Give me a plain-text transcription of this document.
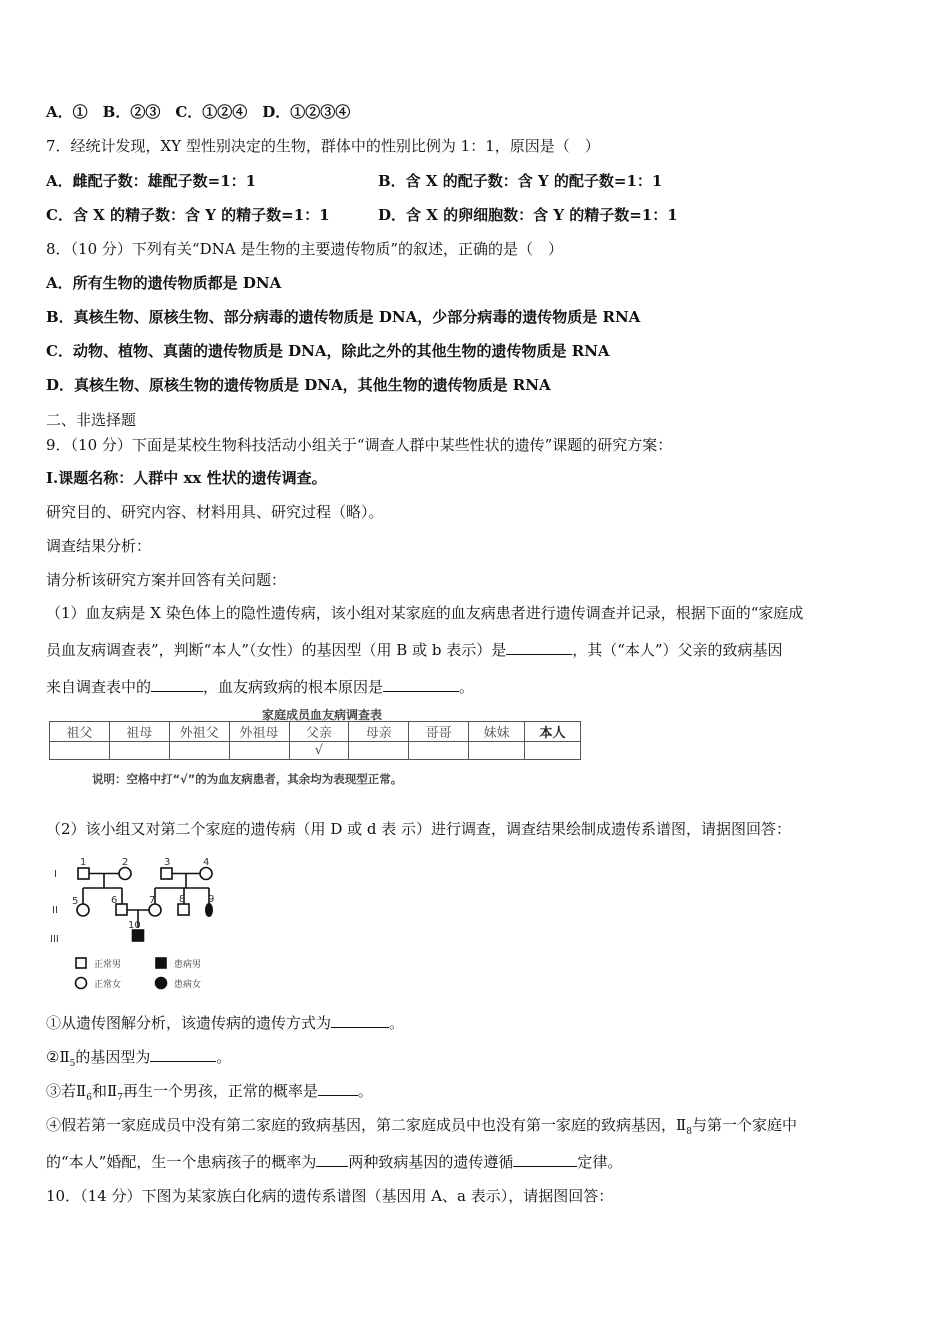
A．①　B．②③　C．①②④　D．①②③④
7．经统计发现，XY 型性别决定的生物，群体中的性别比例为 1：1，原因是（　）
A．雌配子数：雄配子数=1：1	B．含 X 的配子数：含 Y 的配子数=1：1
C．含 X 的精子数：含 Y 的精子数=1：1	D．含 X 的卵细胞数：含 Y 的精子数=1：1
8．（10 分）下列有关“DNA 是生物的主要遗传物质”的叙述，正确的是（　）
A．所有生物的遗传物质都是 DNA
B．真核生物、原核生物、部分病毒的遗传物质是 DNA，少部分病毒的遗传物质是 RNA
C．动物、植物、真菌的遗传物质是 DNA，除此之外的其他生物的遗传物质是 RNA
D．真核生物、原核生物的遗传物质是 DNA，其他生物的遗传物质是 RNA
二、非选择题
9．（10 分）下面是某校生物科技活动小组关于“调查人群中某些性状的遗传”课题的研究方案：
I.课题名称：人群中 xx 性状的遗传调查。
研究目的、研究内容、材料用具、研究过程（略）。
调查结果分析：
请分析该研究方案并回答有关问题：
（1）血友病是 X 染色体上的隐性遗传病，该小组对某家庭的血友病患者进行遗传调查并记录，根据下面的“家庭成
员血友病调查表”，判断“本人”（女性）的基因型（用 B 或 b 表示）是	，其（“本人”）父亲的致病基因
来自调查表中的	，血友病致病的根本原因是	。
家庭成员血友病调查表
祖父	祖母	外祖父	外祖母	父亲	母亲	哥哥	妹妹	本人
				√				
说明：空格中打“√”的为血友病患者，其余均为表现型正常。
（2）该小组又对第二个家庭的遗传病（用 D 或 d 表 示）进行调查，调查结果绘制成遗传系谱图，请据图回答：
I
II
III
1	2	3	4
5	6	7 8 9
10
正常男	患病男
正常女	患病女
①从遗传图解分析，该遗传病的遗传方式为	。
$②Ⅱ_5$的基因型为	。
③若$Ⅱ_6$和$Ⅱ_7$再生一个男孩，正常的概率是	。
④假若第一家庭成员中没有第二家庭的致病基因，第二家庭成员中也没有第一家庭的致病基因，$Ⅱ_8$与第一个家庭中
的“本人”婚配，生一个患病孩子的概率为 两种致病基因的遗传遵循	定律。
10．（14 分）下图为某家族白化病的遗传系谱图（基因用 A、a 表示），请据图回答：
